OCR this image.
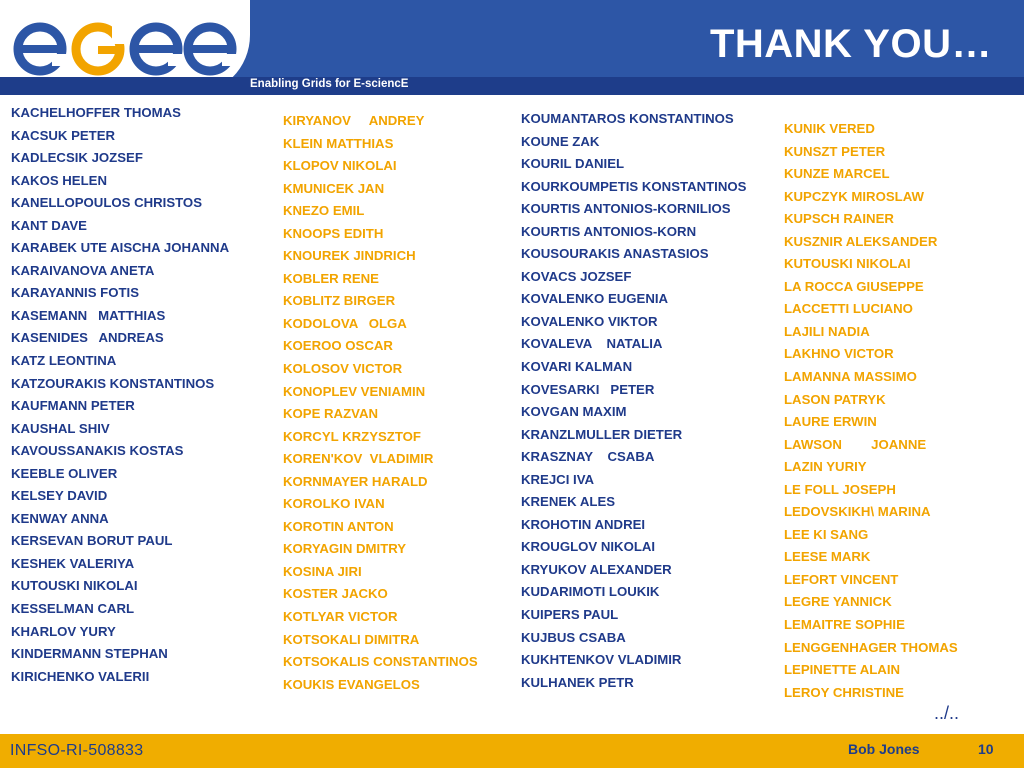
THANK YOU…
Enabling Grids for E-sciencE
KACHELHOFFER THOMAS
KACSUK PETER
KADLECSIK JOZSEF
KAKOS HELEN
KANELLOPOULOS CHRISTOS
KANT DAVE
KARABEK UTE AISCHA JOHANNA
KARAIVANOVA ANETA
KARAYANNIS FOTIS
KASEMANN   MATTHIAS
KASENIDES   ANDREAS
KATZ LEONTINA
KATZOURAKIS KONSTANTINOS
KAUFMANN PETER
KAUSHAL SHIV
KAVOUSSANAKIS KOSTAS
KEEBLE OLIVER
KELSEY DAVID
KENWAY ANNA
KERSEVAN BORUT PAUL
KESHEK VALERIYA
KUTOUSKI NIKOLAI
KESSELMAN CARL
KHARLOV YURY
KINDERMANN STEPHAN
KIRICHENKO VALERII
KIRYANOV     ANDREY
KLEIN MATTHIAS
KLOPOV NIKOLAI
KMUNICEK JAN
KNEZO EMIL
KNOOPS EDITH
KNOUREK JINDRICH
KOBLER RENE
KOBLITZ BIRGER
KODOLOVA   OLGA
KOEROO OSCAR
KOLOSOV VICTOR
KONOPLEV VENIAMIN
KOPE RAZVAN
KORCYL KRZYSZTOF
KOREN'KOV  VLADIMIR
KORNMAYER HARALD
KOROLKO IVAN
KOROTIN ANTON
KORYAGIN DMITRY
KOSINA JIRI
KOSTER JACKO
KOTLYAR VICTOR
KOTSOKALI DIMITRA
KOTSOKALIS CONSTANTINOS
KOUKIS EVANGELOS
KOUMANTAROS KONSTANTINOS
KOUNE ZAK
KOURIL DANIEL
KOURKOUMPETIS KONSTANTINOS
KOURTIS ANTONIOS-KORNILIOS
KOURTIS ANTONIOS-KORN
KOUSOURAKIS ANASTASIOS
KOVACS JOZSEF
KOVALENKO EUGENIA
KOVALENKO VIKTOR
KOVALEVA    NATALIA
KOVARI KALMAN
KOVESARKI   PETER
KOVGAN MAXIM
KRANZLMULLER DIETER
KRASZNAY    CSABA
KREJCI IVA
KRENEK ALES
KROHOTIN ANDREI
KROUGLOV NIKOLAI
KRYUKOV ALEXANDER
KUDARIMOTI LOUKIK
KUIPERS PAUL
KUJBUS CSABA
KUKHTENKOV VLADIMIR
KULHANEK PETR
KUNIK VERED
KUNSZT PETER
KUNZE MARCEL
KUPCZYK MIROSLAW
KUPSCH RAINER
KUSZNIR ALEKSANDER
KUTOUSKI NIKOLAI
LA ROCCA GIUSEPPE
LACCETTI LUCIANO
LAJILI NADIA
LAKHNO VICTOR
LAMANNA MASSIMO
LASON PATRYK
LAURE ERWIN
LAWSON        JOANNE
LAZIN YURIY
LE FOLL JOSEPH
LEDOVSKIKH\ MARINA
LEE KI SANG
LEESE MARK
LEFORT VINCENT
LEGRE YANNICK
LEMAITRE SOPHIE
LENGGENHAGER THOMAS
LEPINETTE ALAIN
LEROY CHRISTINE
../..
INFSO-RI-508833	Bob Jones	10
